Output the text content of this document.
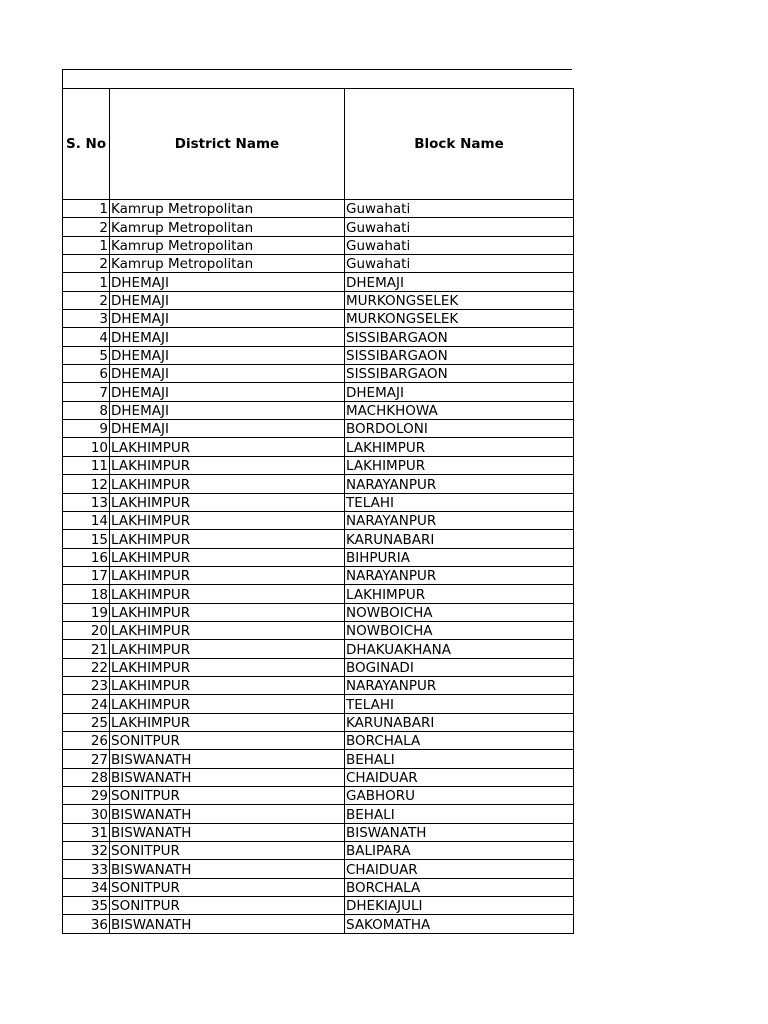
S. No	District Name	Block Name
1	Kamrup Metropolitan	Guwahati
2	Kamrup Metropolitan	Guwahati
1	Kamrup Metropolitan	Guwahati
2	Kamrup Metropolitan	Guwahati
1	DHEMAJI	DHEMAJI
2	DHEMAJI	MURKONGSELEK
3	DHEMAJI	MURKONGSELEK
4	DHEMAJI	SISSIBARGAON
5	DHEMAJI	SISSIBARGAON
6	DHEMAJI	SISSIBARGAON
7	DHEMAJI	DHEMAJI
8	DHEMAJI	MACHKHOWA
9	DHEMAJI	BORDOLONI
10	LAKHIMPUR	LAKHIMPUR
11	LAKHIMPUR	LAKHIMPUR
12	LAKHIMPUR	NARAYANPUR
13	LAKHIMPUR	TELAHI
14	LAKHIMPUR	NARAYANPUR
15	LAKHIMPUR	KARUNABARI
16	LAKHIMPUR	BIHPURIA
17	LAKHIMPUR	NARAYANPUR
18	LAKHIMPUR	LAKHIMPUR
19	LAKHIMPUR	NOWBOICHA
20	LAKHIMPUR	NOWBOICHA
21	LAKHIMPUR	DHAKUAKHANA
22	LAKHIMPUR	BOGINADI
23	LAKHIMPUR	NARAYANPUR
24	LAKHIMPUR	TELAHI
25	LAKHIMPUR	KARUNABARI
26	SONITPUR	BORCHALA
27	BISWANATH	BEHALI
28	BISWANATH	CHAIDUAR
29	SONITPUR	GABHORU
30	BISWANATH	BEHALI
31	BISWANATH	BISWANATH
32	SONITPUR	BALIPARA
33	BISWANATH	CHAIDUAR
34	SONITPUR	BORCHALA
35	SONITPUR	DHEKIAJULI
36	BISWANATH	SAKOMATHA
